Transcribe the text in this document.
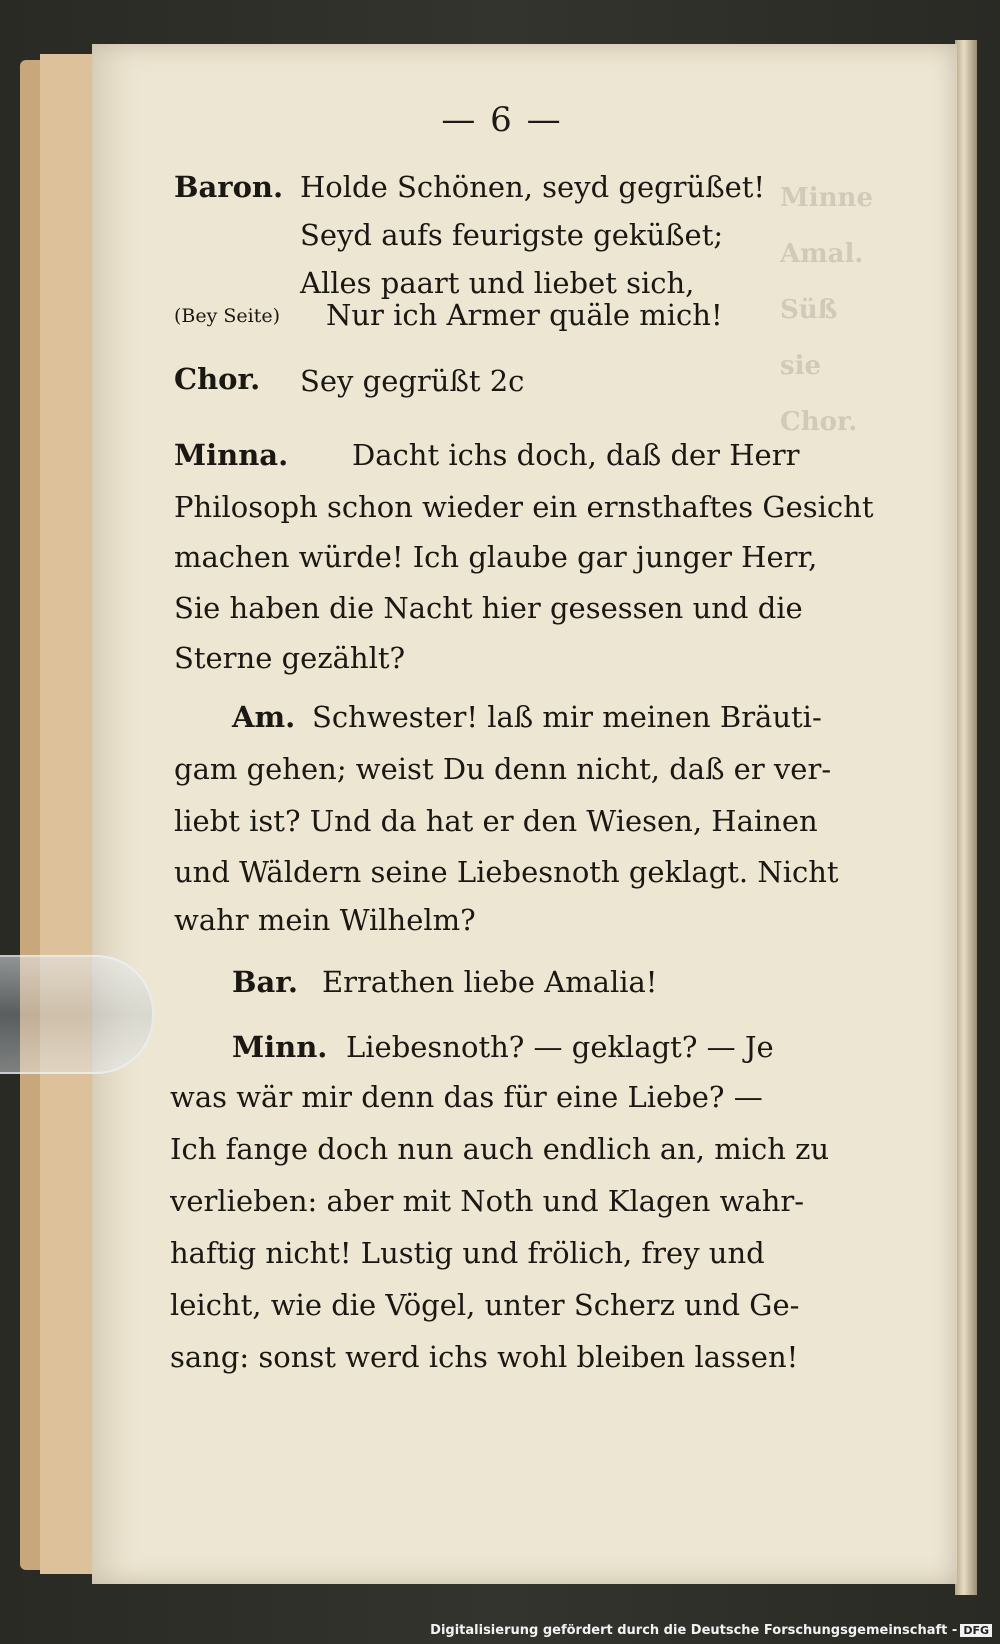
Minne
Amal.
Süß
sie
Chor.
— 6 —
Baron. Holde Schönen, seyd gegrüßet!
Seyd aufs feurigste geküßet;
Alles paart und liebet sich,
(Bey Seite) Nur ich Armer quäle mich!
Chor. Sey gegrüßt 2c
Minna. Dacht ichs doch, daß der Herr
Philosoph schon wieder ein ernsthaftes Gesicht
machen würde! Ich glaube gar junger Herr,
Sie haben die Nacht hier gesessen und die
Sterne gezählt?
Am. Schwester! laß mir meinen Bräuti-
gam gehen; weist Du denn nicht, daß er ver-
liebt ist? Und da hat er den Wiesen, Hainen
und Wäldern seine Liebesnoth geklagt. Nicht
wahr mein Wilhelm?
Bar. Errathen liebe Amalia!
Minn. Liebesnoth? — geklagt? — Je
was wär mir denn das für eine Liebe? —
Ich fange doch nun auch endlich an, mich zu
verlieben: aber mit Noth und Klagen wahr-
haftig nicht! Lustig und frölich, frey und
leicht, wie die Vögel, unter Scherz und Ge-
sang: sonst werd ichs wohl bleiben lassen!
Digitalisierung gefördert durch die Deutsche Forschungsgemeinschaft - DFG
